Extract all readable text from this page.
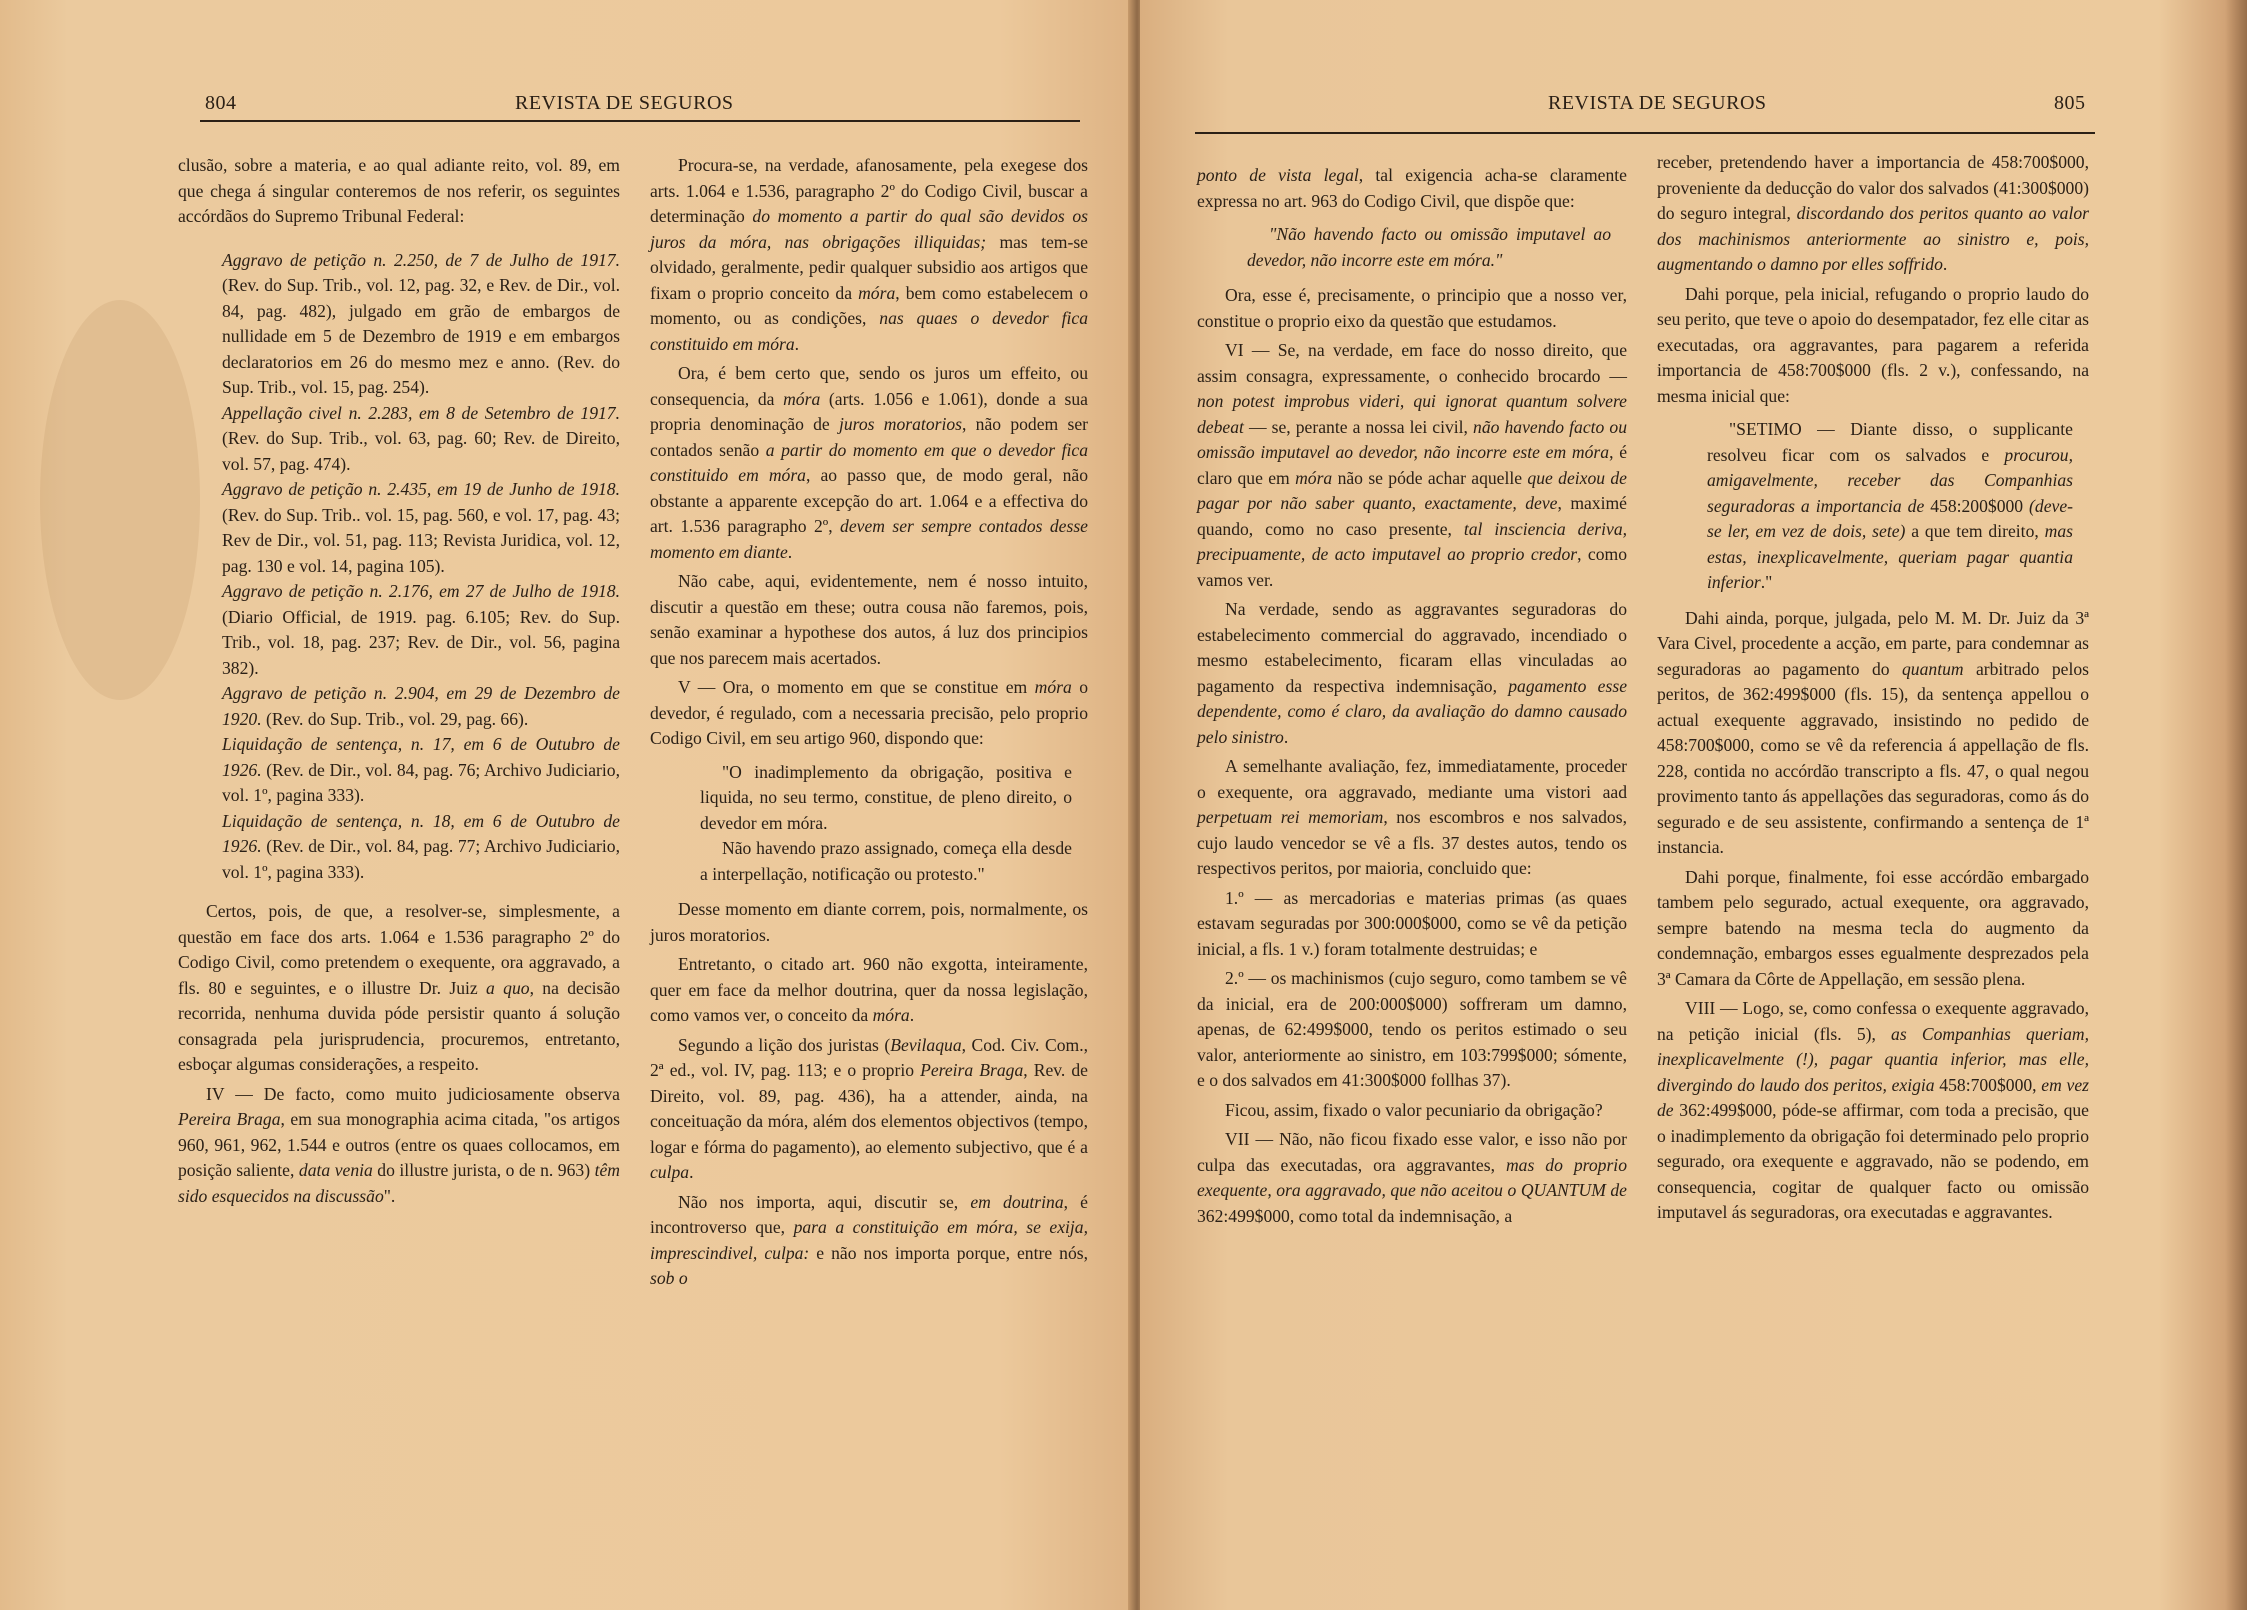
804	REVISTA DE SEGUROS

clusão, sobre a materia, e ao qual adiante reito, vol. 89, em que chega á singular conteremos de nos referir, os seguintes accórdãos do Supremo Tribunal Federal:

Aggravo de petição n. 2.250, de 7 de Julho de 1917. (Rev. do Sup. Trib., vol. 12, pag. 32, e Rev. de Dir., vol. 84, pag. 482), julgado em grão de embargos de nullidade em 5 de Dezembro de 1919 e em embargos declaratorios em 26 do mesmo mez e anno. (Rev. do Sup. Trib., vol. 15, pag. 254).

Appellação civel n. 2.283, em 8 de Setembro de 1917. (Rev. do Sup. Trib., vol. 63, pag. 60; Rev. de Direito, vol. 57, pag. 474).

Aggravo de petição n. 2.435, em 19 de Junho de 1918. (Rev. do Sup. Trib.. vol. 15, pag. 560, e vol. 17, pag. 43; Rev de Dir., vol. 51, pag. 113; Revista Juridica, vol. 12, pag. 130 e vol. 14, pagina 105).

Aggravo de petição n. 2.176, em 27 de Julho de 1918. (Diario Official, de 1919. pag. 6.105; Rev. do Sup. Trib., vol. 18, pag. 237; Rev. de Dir., vol. 56, pagina 382).

Aggravo de petição n. 2.904, em 29 de Dezembro de 1920. (Rev. do Sup. Trib., vol. 29, pag. 66).

Liquidação de sentença, n. 17, em 6 de Outubro de 1926. (Rev. de Dir., vol. 84, pag. 76; Archivo Judiciario, vol. 1º, pagina 333).

Liquidação de sentença, n. 18, em 6 de Outubro de 1926. (Rev. de Dir., vol. 84, pag. 77; Archivo Judiciario, vol. 1º, pagina 333).

Certos, pois, de que, a resolver-se, simplesmente, a questão em face dos arts. 1.064 e 1.536 paragrapho 2º do Codigo Civil, como pretendem o exequente, ora aggravado, a fls. 80 e seguintes, e o illustre Dr. Juiz a quo, na decisão recorrida, nenhuma duvida póde persistir quanto á solução consagrada pela jurisprudencia, procuremos, entretanto, esboçar algumas considerações, a respeito.

IV — De facto, como muito judiciosamente observa Pereira Braga, em sua monographia acima citada, "os artigos 960, 961, 962, 1.544 e outros (entre os quaes collocamos, em posição saliente, data venia do illustre jurista, o de n. 963) têm sido esquecidos na discussão".

Procura-se, na verdade, afanosamente, pela exegese dos arts. 1.064 e 1.536, paragrapho 2º do Codigo Civil, buscar a determinação do momento a partir do qual são devidos os juros da móra, nas obrigações illiquidas; mas tem-se olvidado, geralmente, pedir qualquer subsidio aos artigos que fixam o proprio conceito da móra, bem como estabelecem o momento, ou as condições, nas quaes o devedor fica constituido em móra.

Ora, é bem certo que, sendo os juros um effeito, ou consequencia, da móra (arts. 1.056 e 1.061), donde a sua propria denominação de juros moratorios, não podem ser contados senão a partir do momento em que o devedor fica constituido em móra, ao passo que, de modo geral, não obstante a apparente excepção do art. 1.064 e a effectiva do art. 1.536 paragrapho 2º, devem ser sempre contados desse momento em diante.

Não cabe, aqui, evidentemente, nem é nosso intuito, discutir a questão em these; outra cousa não faremos, pois, senão examinar a hypothese dos autos, á luz dos principios que nos parecem mais acertados.

V — Ora, o momento em que se constitue em móra o devedor, é regulado, com a necessaria precisão, pelo proprio Codigo Civil, em seu artigo 960, dispondo que:

"O inadimplemento da obrigação, positiva e liquida, no seu termo, constitue, de pleno direito, o devedor em móra.

Não havendo prazo assignado, começa ella desde a interpellação, notificação ou protesto."

Desse momento em diante correm, pois, normalmente, os juros moratorios.

Entretanto, o citado art. 960 não exgotta, inteiramente, quer em face da melhor doutrina, quer da nossa legislação, como vamos ver, o conceito da móra.

Segundo a lição dos juristas (Bevilaqua, Cod. Civ. Com., 2ª ed., vol. IV, pag. 113; e o proprio Pereira Braga, Rev. de Direito, vol. 89, pag. 436), ha a attender, ainda, na conceituação da móra, além dos elementos objectivos (tempo, logar e fórma do pagamento), ao elemento subjectivo, que é a culpa.

Não nos importa, aqui, discutir se, em doutrina, é incontroverso que, para a constituição em móra, se exija, imprescindivel, culpa: e não nos importa porque, entre nós, sob o

REVISTA DE SEGUROS	805

ponto de vista legal, tal exigencia acha-se claramente expressa no art. 963 do Codigo Civil, que dispõe que:

"Não havendo facto ou omissão imputavel ao devedor, não incorre este em móra."

Ora, esse é, precisamente, o principio que a nosso ver, constitue o proprio eixo da questão que estudamos.

VI — Se, na verdade, em face do nosso direito, que assim consagra, expressamente, o conhecido brocardo — non potest improbus videri, qui ignorat quantum solvere debeat — se, perante a nossa lei civil, não havendo facto ou omissão imputavel ao devedor, não incorre este em móra, é claro que em móra não se póde achar aquelle que deixou de pagar por não saber quanto, exactamente, deve, maximé quando, como no caso presente, tal insciencia deriva, precipuamente, de acto imputavel ao proprio credor, como vamos ver.

Na verdade, sendo as aggravantes seguradoras do estabelecimento commercial do aggravado, incendiado o mesmo estabelecimento, ficaram ellas vinculadas ao pagamento da respectiva indemnisação, pagamento esse dependente, como é claro, da avaliação do damno causado pelo sinistro.

A semelhante avaliação, fez, immediatamente, proceder o exequente, ora aggravado, mediante uma vistori aad perpetuam rei memoriam, nos escombros e nos salvados, cujo laudo vencedor se vê a fls. 37 destes autos, tendo os respectivos peritos, por maioria, concluido que:

1.º — as mercadorias e materias primas (as quaes estavam seguradas por 300:000$000, como se vê da petição inicial, a fls. 1 v.) foram totalmente destruidas; e

2.º — os machinismos (cujo seguro, como tambem se vê da inicial, era de 200:000$000) soffreram um damno, apenas, de 62:499$000, tendo os peritos estimado o seu valor, anteriormente ao sinistro, em 103:799$000; sómente, e o dos salvados em 41:300$000 follhas 37).

Ficou, assim, fixado o valor pecuniario da obrigação?

VII — Não, não ficou fixado esse valor, e isso não por culpa das executadas, ora aggravantes, mas do proprio exequente, ora aggravado, que não aceitou o QUANTUM de 362:499$000, como total da indemnisação, a

receber, pretendendo haver a importancia de 458:700$000, proveniente da deducção do valor dos salvados (41:300$000) do seguro integral, discordando dos peritos quanto ao valor dos machinismos anteriormente ao sinistro e, pois, augmentando o damno por elles soffrido.

Dahi porque, pela inicial, refugando o proprio laudo do seu perito, que teve o apoio do desempatador, fez elle citar as executadas, ora aggravantes, para pagarem a referida importancia de 458:700$000 (fls. 2 v.), confessando, na mesma inicial que:

"SETIMO — Diante disso, o supplicante resolveu ficar com os salvados e procurou, amigavelmente, receber das Companhias seguradoras a importancia de 458:200$000 (deve-se ler, em vez de dois, sete) a que tem direito, mas estas, inexplicavelmente, queriam pagar quantia inferior."

Dahi ainda, porque, julgada, pelo M. M. Dr. Juiz da 3ª Vara Civel, procedente a acção, em parte, para condemnar as seguradoras ao pagamento do quantum arbitrado pelos peritos, de 362:499$000 (fls. 15), da sentença appellou o actual exequente aggravado, insistindo no pedido de 458:700$000, como se vê da referencia á appellação de fls. 228, contida no accórdão transcripto a fls. 47, o qual negou provimento tanto ás appellações das seguradoras, como ás do segurado e de seu assistente, confirmando a sentença de 1ª instancia.

Dahi porque, finalmente, foi esse accórdão embargado tambem pelo segurado, actual exequente, ora aggravado, sempre batendo na mesma tecla do augmento da condemnação, embargos esses egualmente desprezados pela 3ª Camara da Côrte de Appellação, em sessão plena.

VIII — Logo, se, como confessa o exequente aggravado, na petição inicial (fls. 5), as Companhias queriam, inexplicavelmente (!), pagar quantia inferior, mas elle, divergindo do laudo dos peritos, exigia 458:700$000, em vez de 362:499$000, póde-se affirmar, com toda a precisão, que o inadimplemento da obrigação foi determinado pelo proprio segurado, ora exequente e aggravado, não se podendo, em consequencia, cogitar de qualquer facto ou omissão imputavel ás seguradoras, ora executadas e aggravantes.
